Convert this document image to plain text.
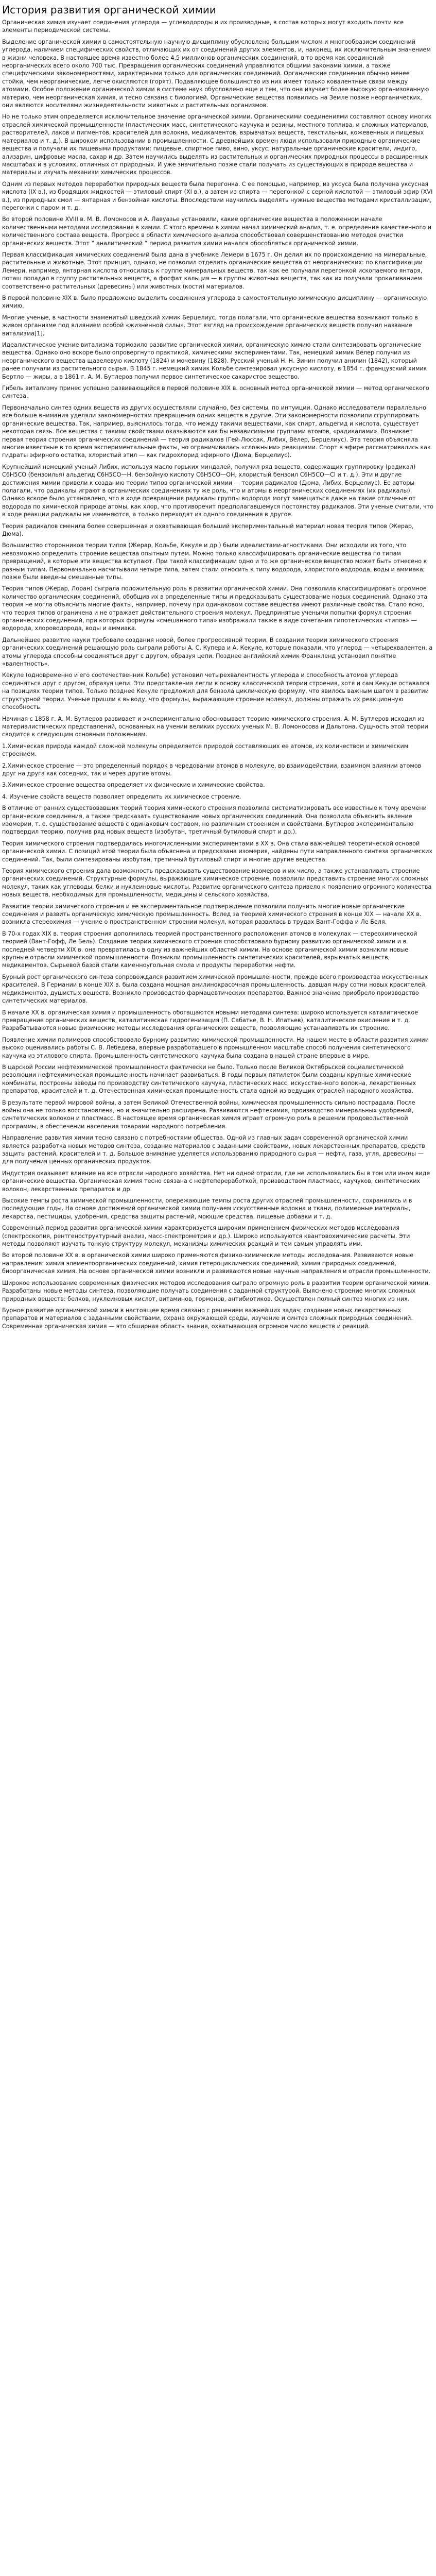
История развития органической химии

Органическая химия изучает соединения углерода — углеводороды и их производные, в состав которых могут входить почти все элементы периодической системы.

Выделение органической химии в самостоятельную научную дисциплину обусловлено большим числом и многообразием соединений углерода, наличием специфических свойств, отличающих их от соединений других элементов, и, наконец, их исключительным значением в жизни человека. В настоящее время известно более 4,5 миллионов органических соединений, в то время как соединений неорганических всего около 700 тыс. Превращения органических соединений управляются общими законами химии, а также специфическими закономерностями, характерными только для органических соединений. Органические соединения обычно менее стойки, чем неорганические, легче окисляются (горят). Подавляющее большинство из них имеет только ковалентные связи между атомами. Особое положение органической химии в системе наук обусловлено еще и тем, что она изучает более высокую организованную материю, чем неорганическая химия, и тесно связана с биологией. Органические вещества появились на Земле позже неорганических, они являются носителями жизнедеятельности животных и растительных организмов.

Но не только этим определяется исключительное значение органической химии. Органическими соединениями составляют основу многих отраслей химической промышленности (пластических масс, синтетического каучука и резины, местного топлива, и сложных материалов, растворителей, лаков и пигментов, красителей для волокна, медикаментов, взрывчатых веществ, текстильных, кожевенных и пищевых материалов и т. д.). В широком использовании в промышленности. С древнейших времен люди использовали природные органические вещества и получали их пищевыми продуктами: пищевые, спиртное пиво, вино, уксус; натуральные органические красители, индиго, ализарин, цифровые масла, сахар и др. Затем научились выделять из растительных и органических природных процессы в расширенных масштабах и в условиях, отличных от природных. И уже значительно позже стали получать из существующих в природе вещества и материалы и изучать механизм химических процессов.

Одним из первых методов переработки природных веществ была перегонка. С ее помощью, например, из уксуса была получена уксусная кислота (IX в.), из бродящих жидкостей — этиловый спирт (XI в.), а затем из спирта — перегонкой с серной кислотой — этиловый эфир (XVI в.), из природных смол — янтарная и бензойная кислоты. Впоследствии научились выделять нужные вещества методами кристаллизации, перегонки с паром и т. д.

Во второй половине XVIII в. М. В. Ломоносов и А. Лавуазье установили, какие органические вещества в положенном начале количественными методами исследования в химии. С этого времени в химии начал химический анализ, т. е. определение качественного и количественного состава веществ. Прогресс в области химического анализа способствовал совершенствованию методов очистки органических веществ. Этот ‟ аналитический ” период развития химии начался обособляться органической химии.

Первая классификация химических соединений была дана в учебнике Лемери в 1675 г. Он делил их по происхождению на минеральные, растительные и животные. Этот принцип, однако, не позволил отделить органические вещества от неорганических: по классификации Лемери, например, янтарная кислота относилась к группе минеральных веществ, так как ее получали перегонкой ископаемого янтаря, поташ попадал в группу растительных веществ, а фосфат кальция — в группы животных веществ, так как их получали прокаливанием соответственно растительных (древесины) или животных (кости) материалов.

В первой половине XIX в. было предложено выделить соединения углерода в самостоятельную химическую дисциплину — органическую химию.

Многие ученые, в частности знаменитый шведский химик Берцелиус, тогда полагали, что органические вещества возникают только в живом организме под влиянием особой «жизненной силы». Этот взгляд на происхождение органических веществ получил название витализма[1].

Идеалистическое учение витализма тормозило развитие органической химии, органическую химию стали синтезировать органические вещества. Однако оно вскоре было опровергнуто практикой, химическими экспериментами. Так, немецкий химик Вёлер получил из неорганического вещества щавелевую кислоту (1824) и мочевину (1828). Русский ученый Н. Н. Зинин получил анилин (1842), который ранее получали из растительного сырья. В 1845 г. немецкий химик Кольбе синтезировал уксусную кислоту, в 1854 г. французский химик Бертло — жиры, а в 1861 г. А. М. Бутлеров получил первое синтетическое сахаристое вещество.

Гибель витализму принес успешно развивающийся в первой половине XIX в. основный метод органической химии — метод органического синтеза.

Первоначально синтез одних веществ из других осуществляли случайно, без системы, по интуиции. Однако исследователи параллельно все больше внимания уделяли закономерностям превращения одних веществ в другие. Эти закономерности позволили сгруппировать органические вещества. Так, например, выяснилось тогда, что между такими веществами, как спирт, альдегид и кислота, существует некоторая связь. Все вещества с такими свойствами оказываются как бы независимыми группами атомов, «радикалами». Возникает первая теория строения органических соединений — теория радикалов (Гей-Люссак, Либих, Вёлер, Берцелиус). Эта теория объясняла многие известные в то время экспериментальные факты, но ограничивалась «сложными» реакциями. Спорт в эфире рассматривались как гидраты эфирного остатка, хлористый этил — как гидрохлорид эфирного (Дюма, Берцелиус).

Крупнейший немецкий ученый Либих, используя масло горьких миндалей, получил ряд веществ, содержащих группировку (радикал) C6H5CO (бензоилья) альдегид C6H5CO—H, бензойную кислоту C6H5CO—OH, хлористый бензоил C6H5CO—Cl и т. д.). Эти и другие достижения химии привели к созданию теории типов органической химии — теории радикалов (Дюма, Либих, Берцелиус). Ее авторы полагали, что радикалы играют в органических соединениях ту же роль, что и атомы в неорганических соединениях (их радикалы). Однако вскоре было установлено, что в ходе превращения радикалы группы водорода могут замещаться даже на такие отличные от водорода по химической природе атомы, как хлор, что противоречит предполагавшемуся постоянству радикалов. Эти ученые считали, что в ходе реакции радикалы не изменяются, а только переходят из одного соединения в другое.

Теория радикалов сменила более совершенная и охватывающая больший экспериментальный материал новая теория типов (Жерар, Дюма).

Вольшинство сторонников теории типов (Жерар, Кольбе, Кекуле и др.) были идеалистами-агностиками. Они исходили из того, что невозможно определить строение вещества опытным путем. Можно только классифицировать органические вещества по типам превращений, в которые эти вещества вступают. При такой классификации одно и то же органическое вещество может быть отнесено к разным типам. Первоначально насчитывали четыре типа, затем стали относить к типу водорода, хлористого водорода, воды и аммиака; позже были введены смешанные типы.

Теория типов (Жерар, Лоран) сыграла положительную роль в развитии органической химии. Она позволила классифицировать огромное количество органических соединений, обобщив их в определенные типы и предсказывать существование новых соединений. Однако эта теория не могла объяснить многие факты, например, почему при одинаковом составе вещества имеют различные свойства. Стало ясно, что теория типов ограничена и не отражает действительного строения молекул. Предпринятые учеными попытки формул строения органических соединений, при которых формулы «смешанного типа» изображали также в виде сочетания гипотетических «типов» — водорода, хлороводорода, воды и аммиака.

Дальнейшее развитие науки требовало создания новой, более прогрессивной теории. В создании теории химического строения органических соединений решающую роль сыграли работы А. С. Купера и А. Кекуле, которые показали, что углерод — четырехвалентен, а атомы углерода способны соединяться друг с другом, образуя цепи. Позднее английский химик Франкленд установил понятие «валентность».

Кекуле (одновременно и его соотечественник Кольбе) установил четырехвалентность углерода и способность атомов углерода соединяться друг с другом, образуя цепи. Эти представления легли в основу классической теории строения, хотя и сам Кекуле оставался на позициях теории типов. Только позднее Кекуле предложил для бензола циклическую формулу, что явилось важным шагом в развитии структурной теории. Ученые пришли к выводу, что формулы, выражающие строение молекул, должны отражать их реакционную способность.

Начиная с 1858 г. А. М. Бутлеров развивает и экспериментально обосновывает теорию химического строения. А. М. Бутлеров исходил из материалистических представлений, основанных на учении великих русских ученых М. В. Ломоносова и Дальтона. Сущность этой теории сводится к следующим основным положениям.

1.Химическая природа каждой сложной молекулы определяется природой составляющих ее атомов, их количеством и химическим строением.

2.Химическое строение — это определенный порядок в чередовании атомов в молекуле, во взаимодействии, взаимном влиянии атомов друг на друга как соседних, так и через другие атомы.

3.Химическое строение вещества определяет их физические и химические свойства.

4. Изучение свойств веществ позволяет определить их химическое строение.

В отличие от ранних существовавших теорий теория химического строения позволила систематизировать все известные к тому времени органические соединения, а также предсказать существование новых органических соединений. Она позволила объяснить явление изомерии, т. е. существование веществ с одинаковым составом, но различным строением и свойствами. Бутлеров экспериментально подтвердил теорию, получив ряд новых веществ (изобутан, третичный бутиловый спирт и др.).

Теория химического строения подтвердилась многочисленными экспериментами в XX в. Она стала важнейшей теоретической основой органической химии. С позиций этой теории была объяснена и предсказана изомерия, найдены пути направленного синтеза органических соединений. Так, были синтезированы изобутан, третичный бутиловый спирт и многие другие вещества.

Теория химического строения дала возможность предсказывать существование изомеров и их число, а также устанавливать строение органических соединений. Структурные формулы, выражающие химическое строение, позволили представить строение многих сложных молекул, таких как углеводы, белки и нуклеиновые кислоты. Развитие органического синтеза привело к появлению огромного количества новых веществ, необходимых для промышленности, медицины и сельского хозяйства.

Развитие теории химического строения и ее экспериментальное подтверждение позволили получить многие новые органические соединения и развить органическую химическую промышленность. Вслед за теорией химического строения в конце XIX — начале XX в. возникла стереохимия — учение о пространственном строении молекул, которая развилась в трудах Вант-Гоффа и Ле Беля.

В 70-х годах XIX в. теория строения дополнилась теорией пространственного расположения атомов в молекулах — стереохимической теорией (Вант-Гофф, Ле Бель). Создание теории химического строения способствовало бурному развитию органической химии и в последней четверти XIX в. она превратилась в одну из важнейших областей химии. На основе органической химии возникли новые крупные отрасли химической промышленности. Возникли промышленность синтетических красителей, взрывчатых веществ, медикаментов. Сырьевой базой стали каменноугольная смола и продукты переработки нефти.

Бурный рост органического синтеза сопровождался развитием химической промышленности, прежде всего производства искусственных красителей. В Германии в конце XIX в. была создана мощная анилинокрасочная промышленность, давшая миру сотни новых красителей, медикаментов, душистых веществ. Возникло производство фармацевтических препаратов. Важное значение приобрело производство синтетических материалов.

В начале XX в. органическая химия и промышленность обогащаются новыми методами синтеза: широко используется каталитическое превращение органических веществ, каталитическая гидрогенизация (П. Сабатье, В. Н. Ипатьев), каталитическое окисление и т. д. Разрабатываются новые физические методы исследования органических веществ, позволяющие устанавливать их строение.

Появление химии полимеров способствовало бурному развитию химической промышленности. На нашем месте в области развития химии высоко оценивались работы С. В. Лебедева, впервые разработавшего в промышленном масштабе способ получения синтетического каучука из этилового спирта. Промышленность синтетического каучука была создана в нашей стране впервые в мире.

В царской России нефтехимической промышленности фактически не было. Только после Великой Октябрьской социалистической революции нефтехимическая промышленность начинает развиваться. В годы первых пятилеток были созданы крупные химические комбинаты, построены заводы по производству синтетического каучука, пластических масс, искусственного волокна, лекарственных препаратов, красителей и т. д. Отечественная химическая промышленность стала одной из ведущих отраслей народного хозяйства.

В результате первой мировой войны, а затем Великой Отечественной войны, химическая промышленность сильно пострадала. После войны она не только восстановлена, но и значительно расширена. Развиваются нефтехимия, производство минеральных удобрений, синтетических волокон и пластмасс. В настоящее время органическая химия играет огромную роль в решении продовольственной программы, в обеспечении населения товарами народного потребления.

Направление развития химии тесно связано с потребностями общества. Одной из главных задач современной органической химии является разработка новых методов синтеза, создание материалов с заданными свойствами, новых лекарственных препаратов, средств защиты растений, красителей и т. д. Большое внимание уделяется использованию природного сырья — нефти, газа, угля, древесины — для получения ценных органических продуктов.

Индустрия оказывает влияние на все отрасли народного хозяйства. Нет ни одной отрасли, где не использовались бы в том или ином виде органические вещества. Органическая химия тесно связана с нефтепереработкой, производством пластмасс, каучуков, синтетических волокон, лекарственных препаратов и др.

Высокие темпы роста химической промышленности, опережающие темпы роста других отраслей промышленности, сохранились и в последующие годы. На основе достижений органической химии получаем искусственные волокна и ткани, полимерные материалы, лекарства, пестициды, удобрения, средства защиты растений, моющие средства, пищевые добавки и т. д.

Современный период развития органической химии характеризуется широким применением физических методов исследования (спектроскопия, рентгеноструктурный анализ, масс-спектрометрия и др.). Широко используются квантовохимические расчеты. Эти методы позволяют изучать тонкую структуру молекул, механизмы химических реакций и тем самым управлять ими.

Во второй половине XX в. в органической химии широко применяются физико-химические методы исследования. Развиваются новые направления: химия элементоорганических соединений, химия гетероциклических соединений, химия природных соединений, биоорганическая химия. На основе органической химии возникли и развиваются новые научные направления и отрасли промышленности.

Широкое использование современных физических методов исследования сыграло огромную роль в развитии теории органической химии. Разработаны новые методы синтеза, позволяющие получать соединения с заданной структурой. Выяснено строение многих сложных природных веществ: белков, нуклеиновых кислот, витаминов, гормонов, антибиотиков. Осуществлен полный синтез многих из них.

Бурное развитие органической химии в настоящее время связано с решением важнейших задач: создание новых лекарственных препаратов и материалов с заданными свойствами, охрана окружающей среды, изучение и синтез сложных природных соединений. Современная органическая химия — это обширная область знания, охватывающая огромное число веществ и реакций.
